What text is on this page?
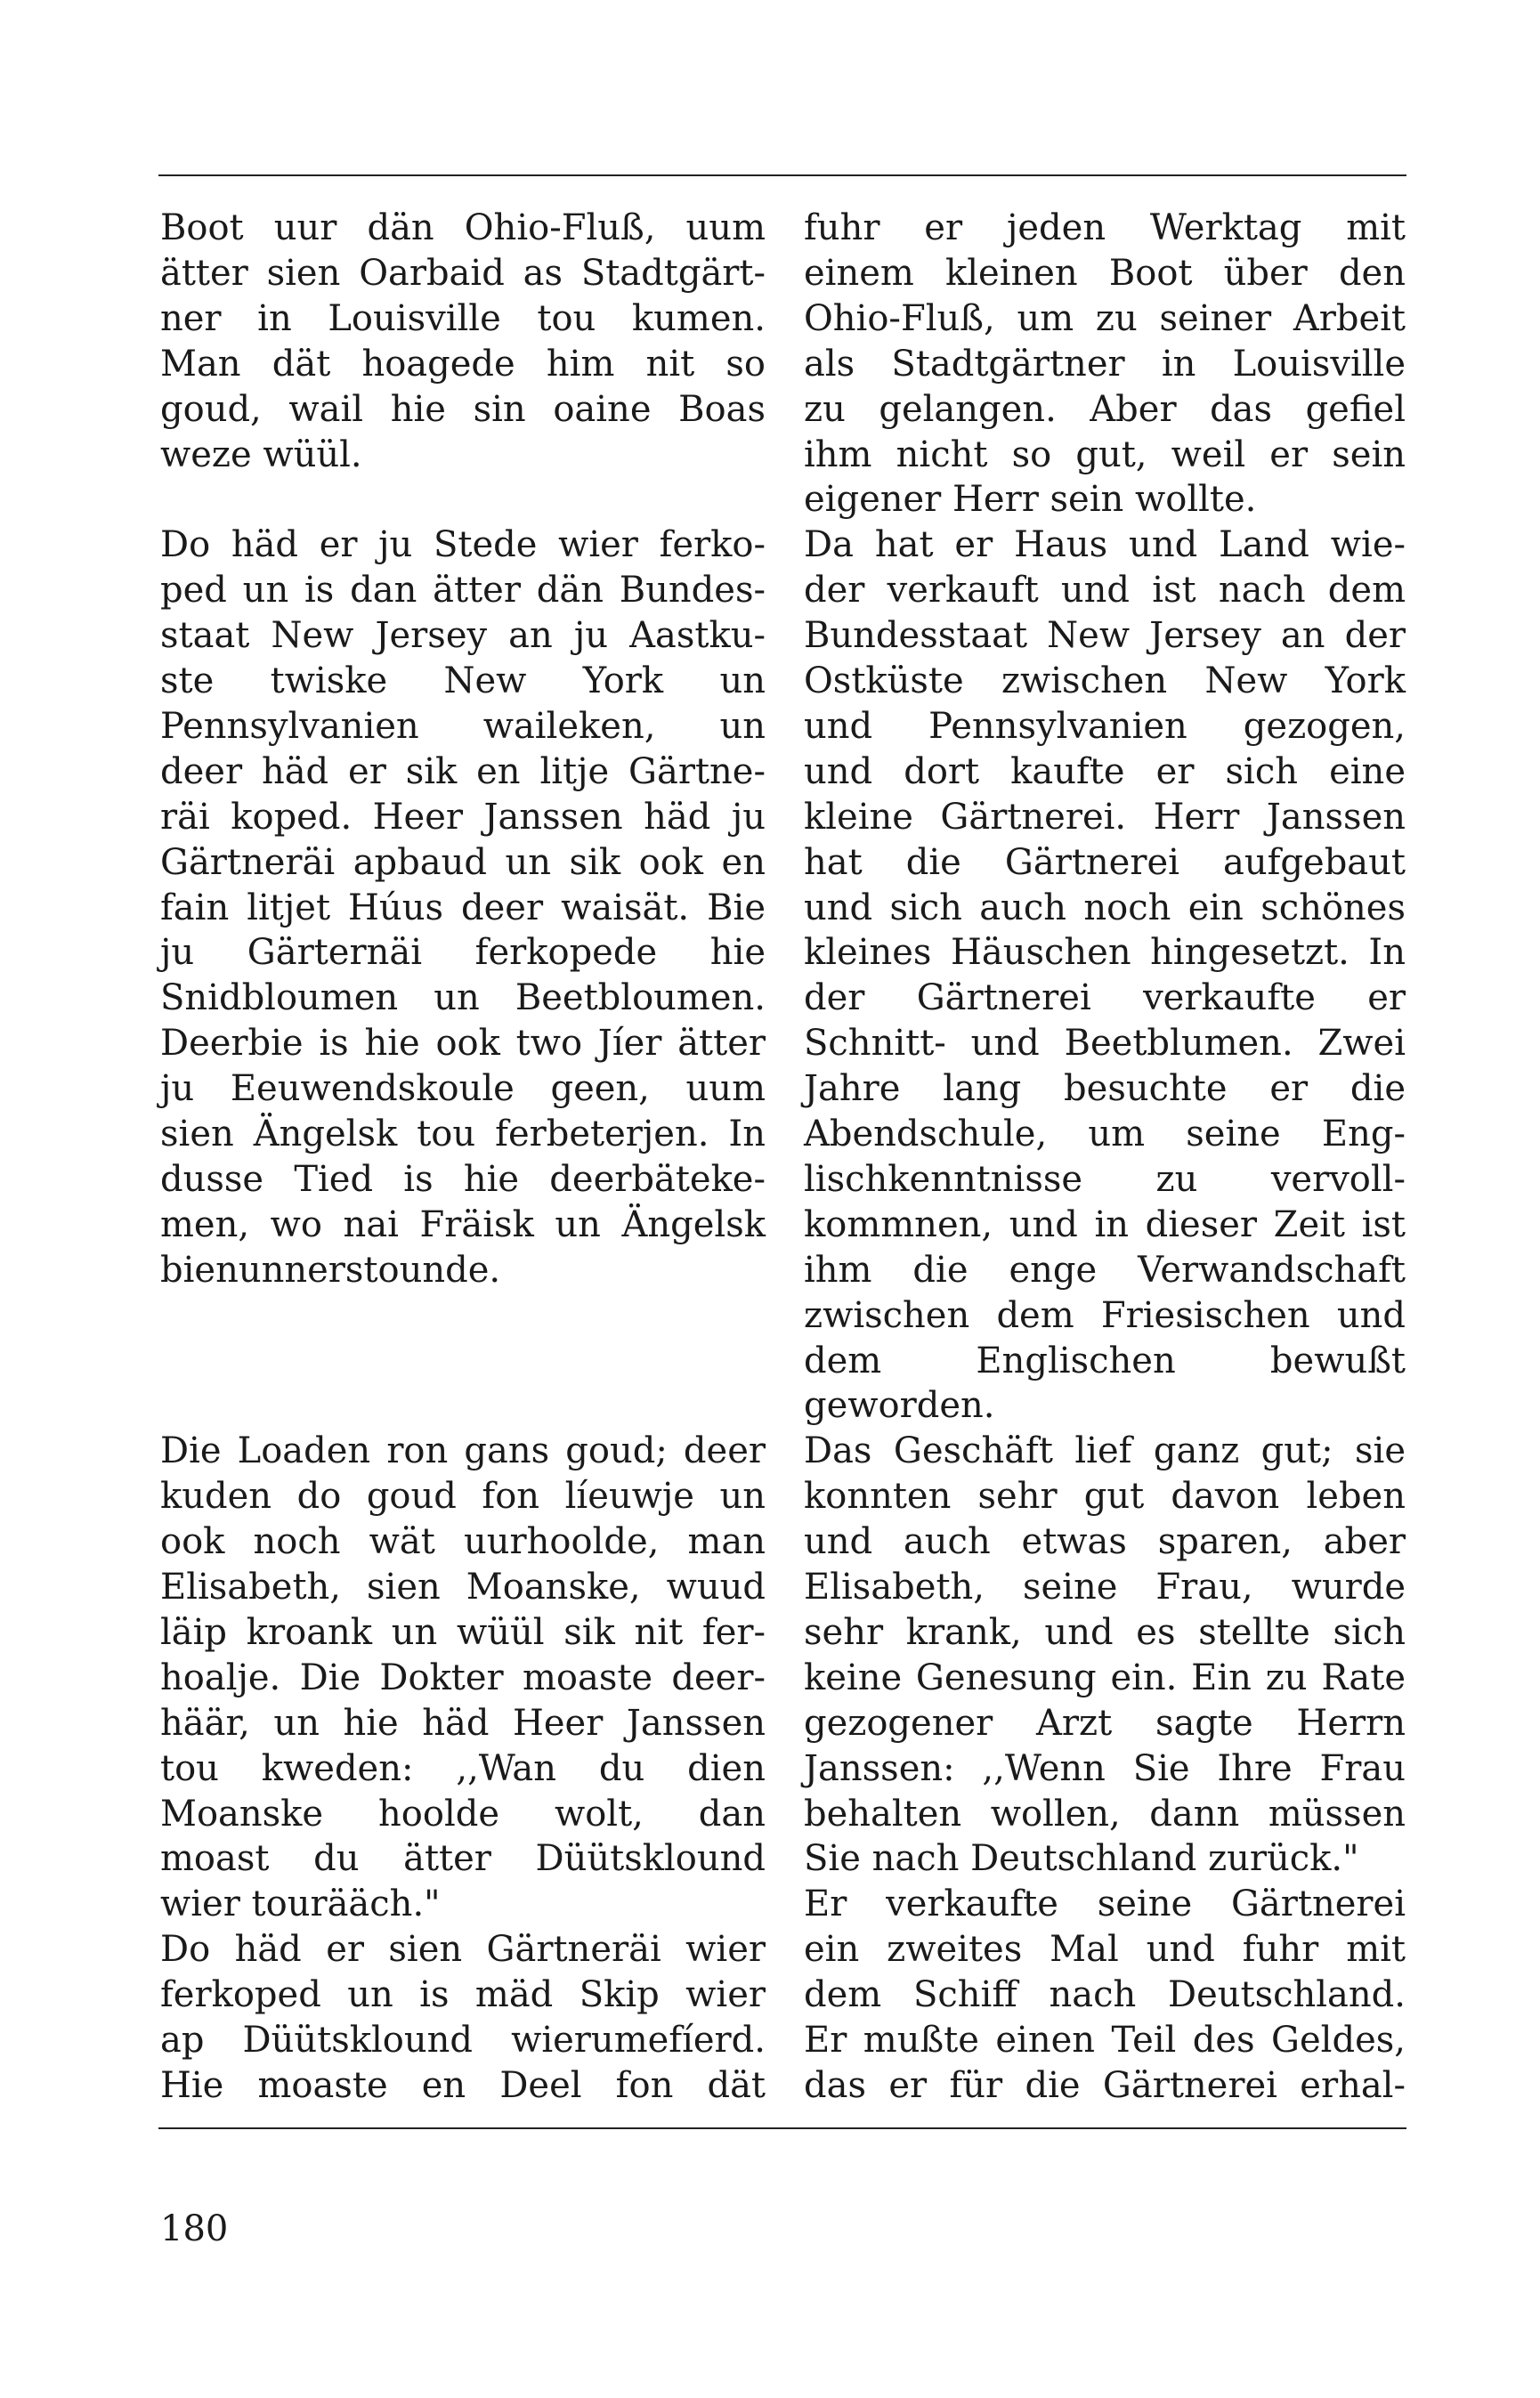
Boot uur dän Ohio-Fluß, uum
ätter sien Oarbaid as Stadtgärt-
ner in Louisville tou kumen.
Man dät hoagede him nit so
goud, wail hie sin oaine Boas
weze wüül.
Do häd er ju Stede wier ferko-
ped un is dan ätter dän Bundes-
staat New Jersey an ju Aastku-
ste twiske New York un
Pennsylvanien waileken, un
deer häd er sik en litje Gärtne-
räi koped. Heer Janssen häd ju
Gärtneräi apbaud un sik ook en
fain litjet Húus deer waisät. Bie
ju Gärternäi ferkopede hie
Snidbloumen un Beetbloumen.
Deerbie is hie ook two Jíer ätter
ju Eeuwendskoule geen, uum
sien Ängelsk tou ferbeterjen. In
dusse Tied is hie deerbäteke-
men, wo nai Fräisk un Ängelsk
bienunnerstounde.
Die Loaden ron gans goud; deer
kuden do goud fon líeuwje un
ook noch wät uurhoolde, man
Elisabeth, sien Moanske, wuud
läip kroank un wüül sik nit fer-
hoalje. Die Dokter moaste deer-
häär, un hie häd Heer Janssen
tou kweden: ,,Wan du dien
Moanske hoolde wolt, dan
moast du ätter Düütsklound
wier tourääch."
Do häd er sien Gärtneräi wier
ferkoped un is mäd Skip wier
ap Düütsklound wierumefíerd.
Hie moaste en Deel fon dät
fuhr er jeden Werktag mit
einem kleinen Boot über den
Ohio-Fluß, um zu seiner Arbeit
als Stadtgärtner in Louisville
zu gelangen. Aber das gefiel
ihm nicht so gut, weil er sein
eigener Herr sein wollte.
Da hat er Haus und Land wie-
der verkauft und ist nach dem
Bundesstaat New Jersey an der
Ostküste zwischen New York
und Pennsylvanien gezogen,
und dort kaufte er sich eine
kleine Gärtnerei. Herr Janssen
hat die Gärtnerei aufgebaut
und sich auch noch ein schönes
kleines Häuschen hingesetzt. In
der Gärtnerei verkaufte er
Schnitt- und Beetblumen. Zwei
Jahre lang besuchte er die
Abendschule, um seine Eng-
lischkenntnisse zu vervoll-
kommnen, und in dieser Zeit ist
ihm die enge Verwandschaft
zwischen dem Friesischen und
dem Englischen bewußt
geworden.
Das Geschäft lief ganz gut; sie
konnten sehr gut davon leben
und auch etwas sparen, aber
Elisabeth, seine Frau, wurde
sehr krank, und es stellte sich
keine Genesung ein. Ein zu Rate
gezogener Arzt sagte Herrn
Janssen: ,,Wenn Sie Ihre Frau
behalten wollen, dann müssen
Sie nach Deutschland zurück."
Er verkaufte seine Gärtnerei
ein zweites Mal und fuhr mit
dem Schiff nach Deutschland.
Er mußte einen Teil des Geldes,
das er für die Gärtnerei erhal-
180
